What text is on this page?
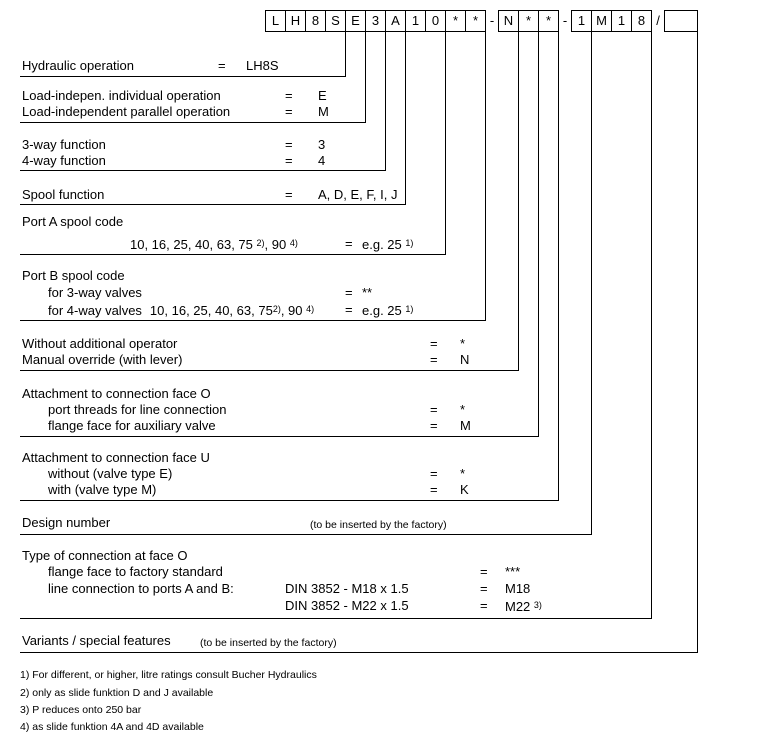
L H 8 S E 3 A 1 0	*	* - N *	* - 1 M 1 8 /
Hydraulic operation	= LH8S
Load-indepen. individual operation	= E
Load-independent parallel operation	= M
3-way function	= 3
4-way function	= 4
Spool function	= A, D, E, F, I, J
Port A spool code
10, 16, 25, 40, 63, 75 $^{2)}$, 90 $^{4)}$	= e.g. 25 $^{1)}$
Port B spool code
for 3-way valves	= **
for 4-way valves 10, 16, 25, 40, 63, 75$^{2)}$, 90 $^{4)}$ = e.g. 25 $^{1)}$
Without additional operator	= *
Manual override (with lever)	= N
Attachment to connection face O
port threads for line connection	= *
flange face for auxiliary valve	= M
Attachment to connection face U
without (valve type E)	= *
with (valve type M)	= K
Design number	(to be inserted by the factory)
Type of connection at face O
flange face to factory standard	= ***
line connection to ports A and B:	DIN 3852 - M18 x 1.5	= M18
DIN 3852 - M22 x 1.5	= M22 $^{3)}$
Variants / special features	(to be inserted by the factory)
1) For different, or higher, litre ratings consult Bucher Hydraulics
2) only as slide funktion D and J available
3) P reduces onto 250 bar
4) as slide funktion 4A and 4D available
